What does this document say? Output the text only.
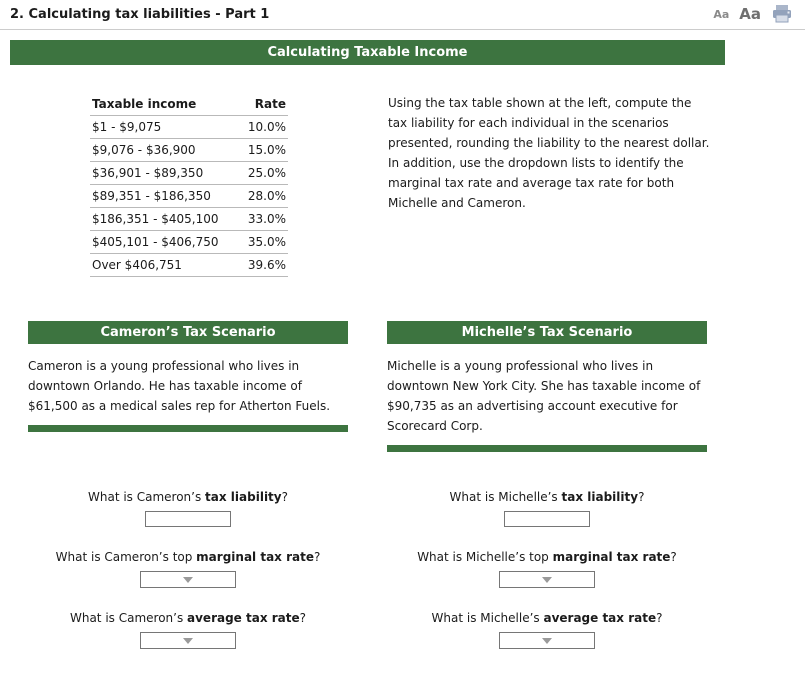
2. Calculating tax liabilities - Part 1	Aa Aa
Calculating Taxable Income
Taxable income	Rate
$1 - $9,075	10.0%
$9,076 - $36,900	15.0%
$36,901 - $89,350	25.0%
$89,351 - $186,350	28.0%
$186,351 - $405,100	33.0%
$405,101 - $406,750	35.0%
Over $406,751	39.6%
Using the tax table shown at the left, compute the tax liability for each individual in the scenarios presented, rounding the liability to the nearest dollar. In addition, use the dropdown lists to identify the marginal tax rate and average tax rate for both Michelle and Cameron.
Cameron’s Tax Scenario
Cameron is a young professional who lives in downtown Orlando. He has taxable income of $61,500 as a medical sales rep for Atherton Fuels.
Michelle’s Tax Scenario
Michelle is a young professional who lives in downtown New York City. She has taxable income of $90,735 as an advertising account executive for Scorecard Corp.
What is Cameron’s tax liability?
What is Cameron’s top marginal tax rate?
What is Cameron’s average tax rate?
What is Michelle’s tax liability?
What is Michelle’s top marginal tax rate?
What is Michelle’s average tax rate?
